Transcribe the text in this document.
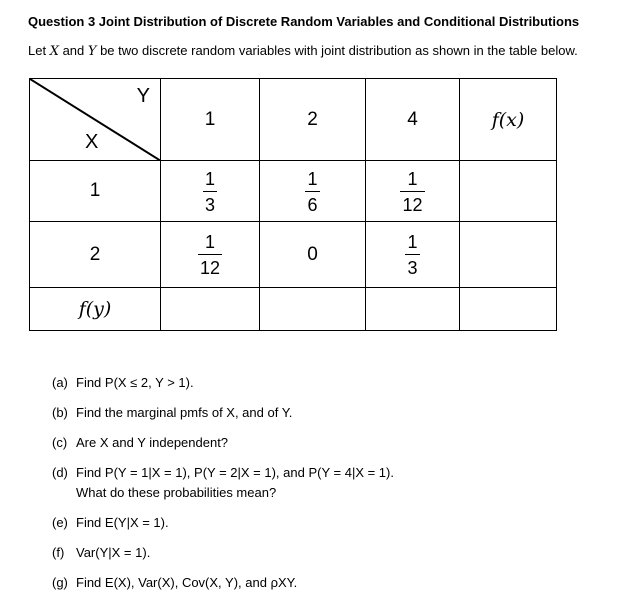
Question 3 Joint Distribution of Discrete Random Variables and Conditional Distributions
Let X and Y be two discrete random variables with joint distribution as shown in the table below.
Y
X	1	2	4	f(x)
1	$\frac{1}{3}$	$\frac{1}{6}$	$\frac{1}{12}$

2	$\frac{1}{12}$	0	$\frac{1}{3}$

f(y)				
(a) Find P(X ≤ 2, Y > 1).
(b) Find the marginal pmfs of X, and of Y.
(c) Are X and Y independent?
(d) Find P(Y = 1|X = 1), P(Y = 2|X = 1), and P(Y = 4|X = 1).
What do these probabilities mean?
(e) Find E(Y|X = 1).
(f) Var(Y|X = 1).
(g) Find E(X), Var(X), Cov(X, Y), and ρXY.
